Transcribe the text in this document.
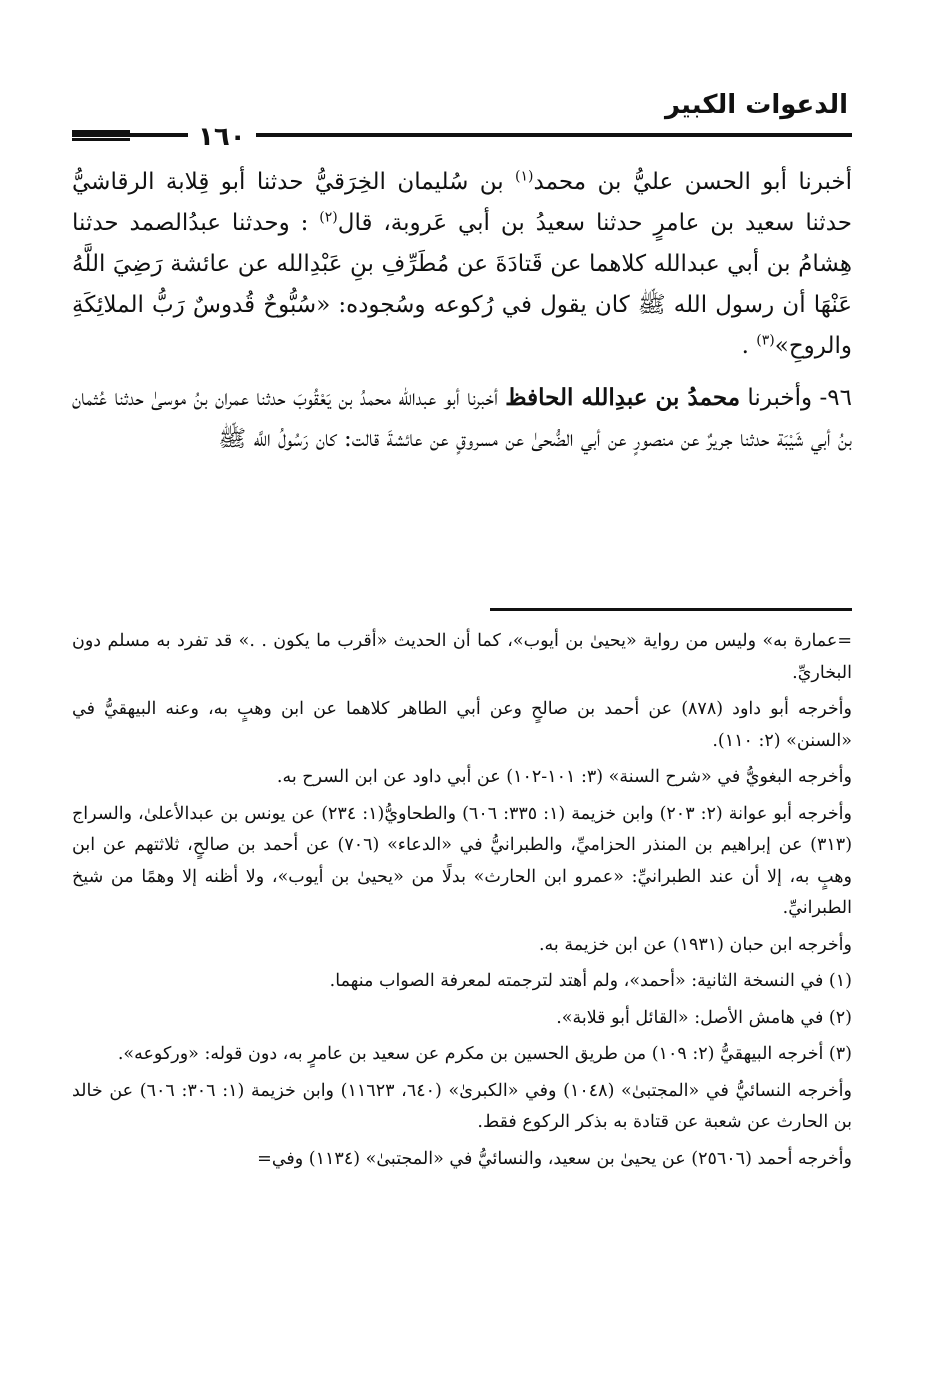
الدعوات الكبير
١٦٠

أخبرنا أبو الحسن عليُّ بن محمد$^{(١)}$ بن سُليمان الخِرَقيُّ حدثنا أبو قِلابة الرقاشيُّ حدثنا سعيد بن عامرٍ حدثنا سعيدُ بن أبي عَروبة، قال$^{(٢)}$ : وحدثنا عبدُالصمد حدثنا هِشامُ بن أبي عبدالله كلاهما عن قَتادَةَ عن مُطَرِّفِ بنِ عَبْدِالله عن عائشة رَضِيَ اللَّهُ عَنْهَا أن رسول الله ﷺ كان يقول في رُكوعه وسُجوده: «سُبُّوحٌ قُدوسٌ رَبُّ الملائِكَةِ والروحِ»$^{(٣)}$ .

٩٦- وأخبرنا محمدُ بن عبدِالله الحافظ أخبرنا أبو عبدالله محمدُ بن يَعْقُوبَ حدثنا عمران بنُ موسىٰ حدثنا عُثمان بنُ أبي شَيْبَة حدثنا جريرٌ عن منصورٍ عن أبي الضُّحىٰ عن مسروقٍ عن عائشةَ قالت: كان رَسُولُ اللَّه ﷺ

=عمارة به» وليس من رواية «يحيىٰ بن أيوب»، كما أن الحديث «أقرب ما يكون . .» قد تفرد به مسلم دون البخاريِّ.

وأخرجه أبو داود (٨٧٨) عن أحمد بن صالحٍ وعن أبي الطاهر كلاهما عن ابن وهبٍ به، وعنه البيهقيُّ في «السنن» (٢: ١١٠).

وأخرجه البغويُّ في «شرح السنة» (٣: ١٠١-١٠٢) عن أبي داود عن ابن السرح به.

وأخرجه أبو عوانة (٢: ٢٠٣) وابن خزيمة (١: ٣٣٥: ٦٠٦) والطحاويُّ(١: ٢٣٤) عن يونس بن عبدالأعلىٰ، والسراج (٣١٣) عن إبراهيم بن المنذر الحزاميِّ، والطبرانيُّ في «الدعاء» (٧٠٦) عن أحمد بن صالحٍ، ثلاثتهم عن ابن وهبٍ به، إلا أن عند الطبرانيِّ: «عمرو ابن الحارث» بدلًا من «يحيىٰ بن أيوب»، ولا أظنه إلا وهمًا من شيخ الطبرانيِّ.

وأخرجه ابن حبان (١٩٣١) عن ابن خزيمة به.

(١) في النسخة الثانية: «أحمد»، ولم أهتد لترجمته لمعرفة الصواب منهما.

(٢) في هامش الأصل: «القائل أبو قلابة».

(٣) أخرجه البيهقيُّ (٢: ١٠٩) من طريق الحسين بن مكرم عن سعيد بن عامرٍ به، دون قوله: «وركوعه».

وأخرجه النسائيُّ في «المجتبىٰ» (١٠٤٨) وفي «الكبرىٰ» (٦٤٠، ١١٦٢٣) وابن خزيمة (١: ٣٠٦: ٦٠٦) عن خالد بن الحارث عن شعبة عن قتادة به بذكر الركوع فقط.

وأخرجه أحمد (٢٥٦٠٦) عن يحيىٰ بن سعيد، والنسائيُّ في «المجتبىٰ» (١١٣٤) وفي=
